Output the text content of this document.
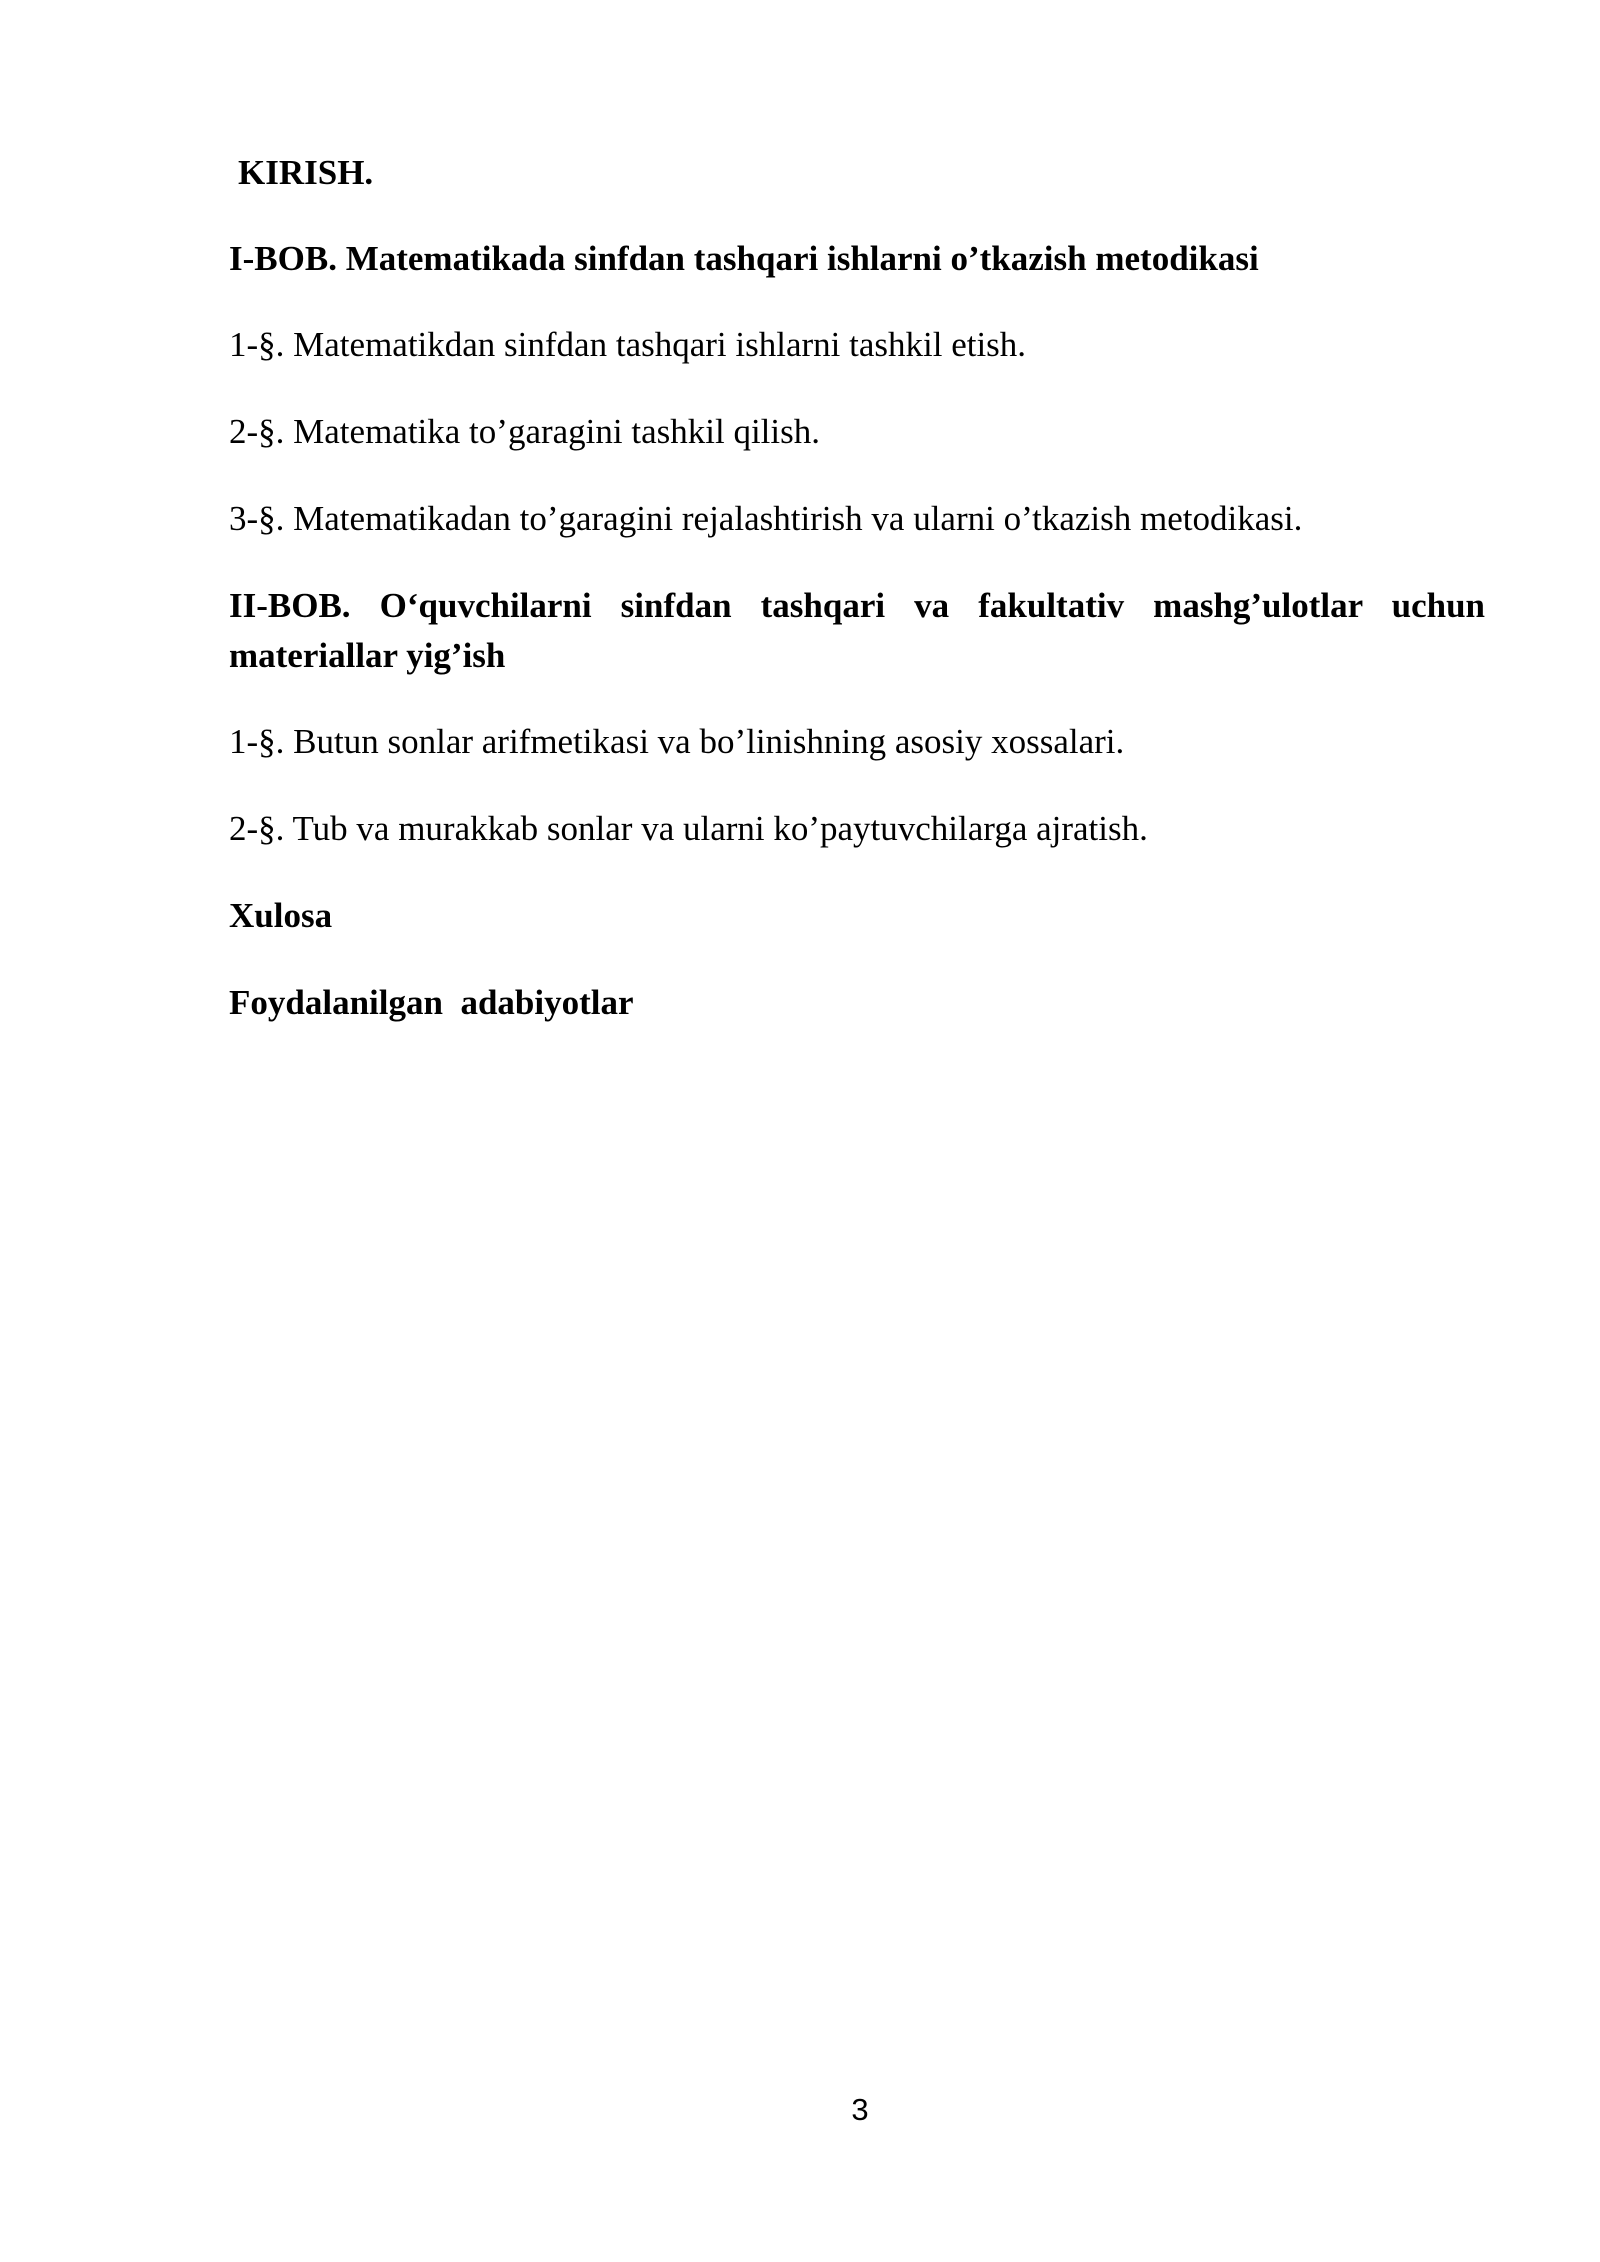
KIRISH.

I-BOB. Matematikada sinfdan tashqari ishlarni o’tkazish metodikasi

1-§. Matematikdan sinfdan tashqari ishlarni tashkil etish.

2-§. Matematika to’garagini tashkil qilish.

3-§. Matematikadan to’garagini rejalashtirish va ularni o’tkazish metodikasi.

II-BOB. O‘quvchilarni sinfdan tashqari va fakultativ mashg’ulotlar uchun materiallar yig’ish

1-§. Butun sonlar arifmetikasi va bo’linishning asosiy xossalari.

2-§. Tub va murakkab sonlar va ularni ko’paytuvchilarga ajratish.

Xulosa

Foydalanilgan  adabiyotlar

3
